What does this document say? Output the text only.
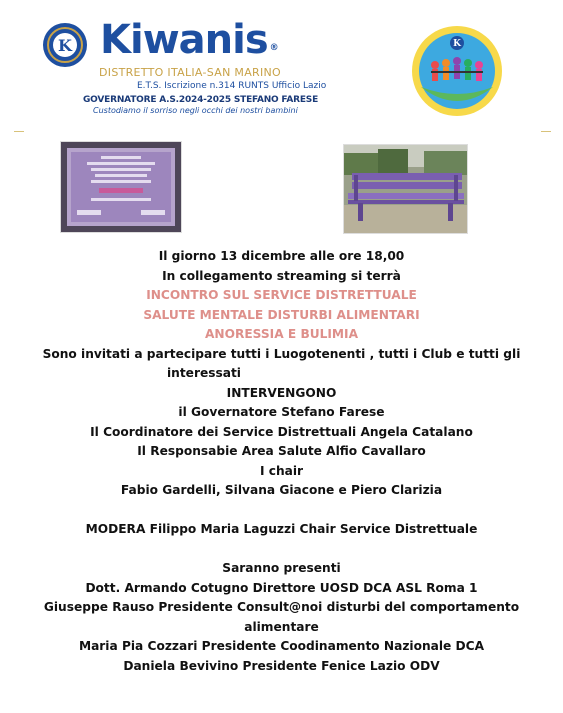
K Kiwanis ®
DISTRETTO ITALIA-SAN MARINO
E.T.S. Iscrizione n.314 RUNTS Ufficio Lazio
GOVERNATORE A.S.2024-2025 STEFANO FARESE
Custodiamo il sorriso negli occhi dei nostri bambini
K
Il giorno 13 dicembre alle ore 18,00
In collegamento streaming si terrà
INCONTRO SUL SERVICE DISTRETTUALE
SALUTE MENTALE DISTURBI ALIMENTARI
ANORESSIA E BULIMIA
Sono invitati a partecipare tutti i Luogotenenti , tutti i Club e tutti gli
interessati
INTERVENGONO
il Governatore Stefano Farese
Il Coordinatore dei Service Distrettuali Angela Catalano
Il Responsabie Area Salute Alfio Cavallaro
I chair
Fabio Gardelli, Silvana Giacone e Piero Clarizia
MODERA Filippo Maria Laguzzi Chair Service Distrettuale
Saranno presenti
Dott. Armando Cotugno Direttore UOSD DCA ASL Roma 1
Giuseppe Rauso Presidente Consult@noi disturbi del comportamento
alimentare
Maria Pia Cozzari Presidente Coodinamento Nazionale DCA
Daniela Bevivino Presidente Fenice Lazio ODV
